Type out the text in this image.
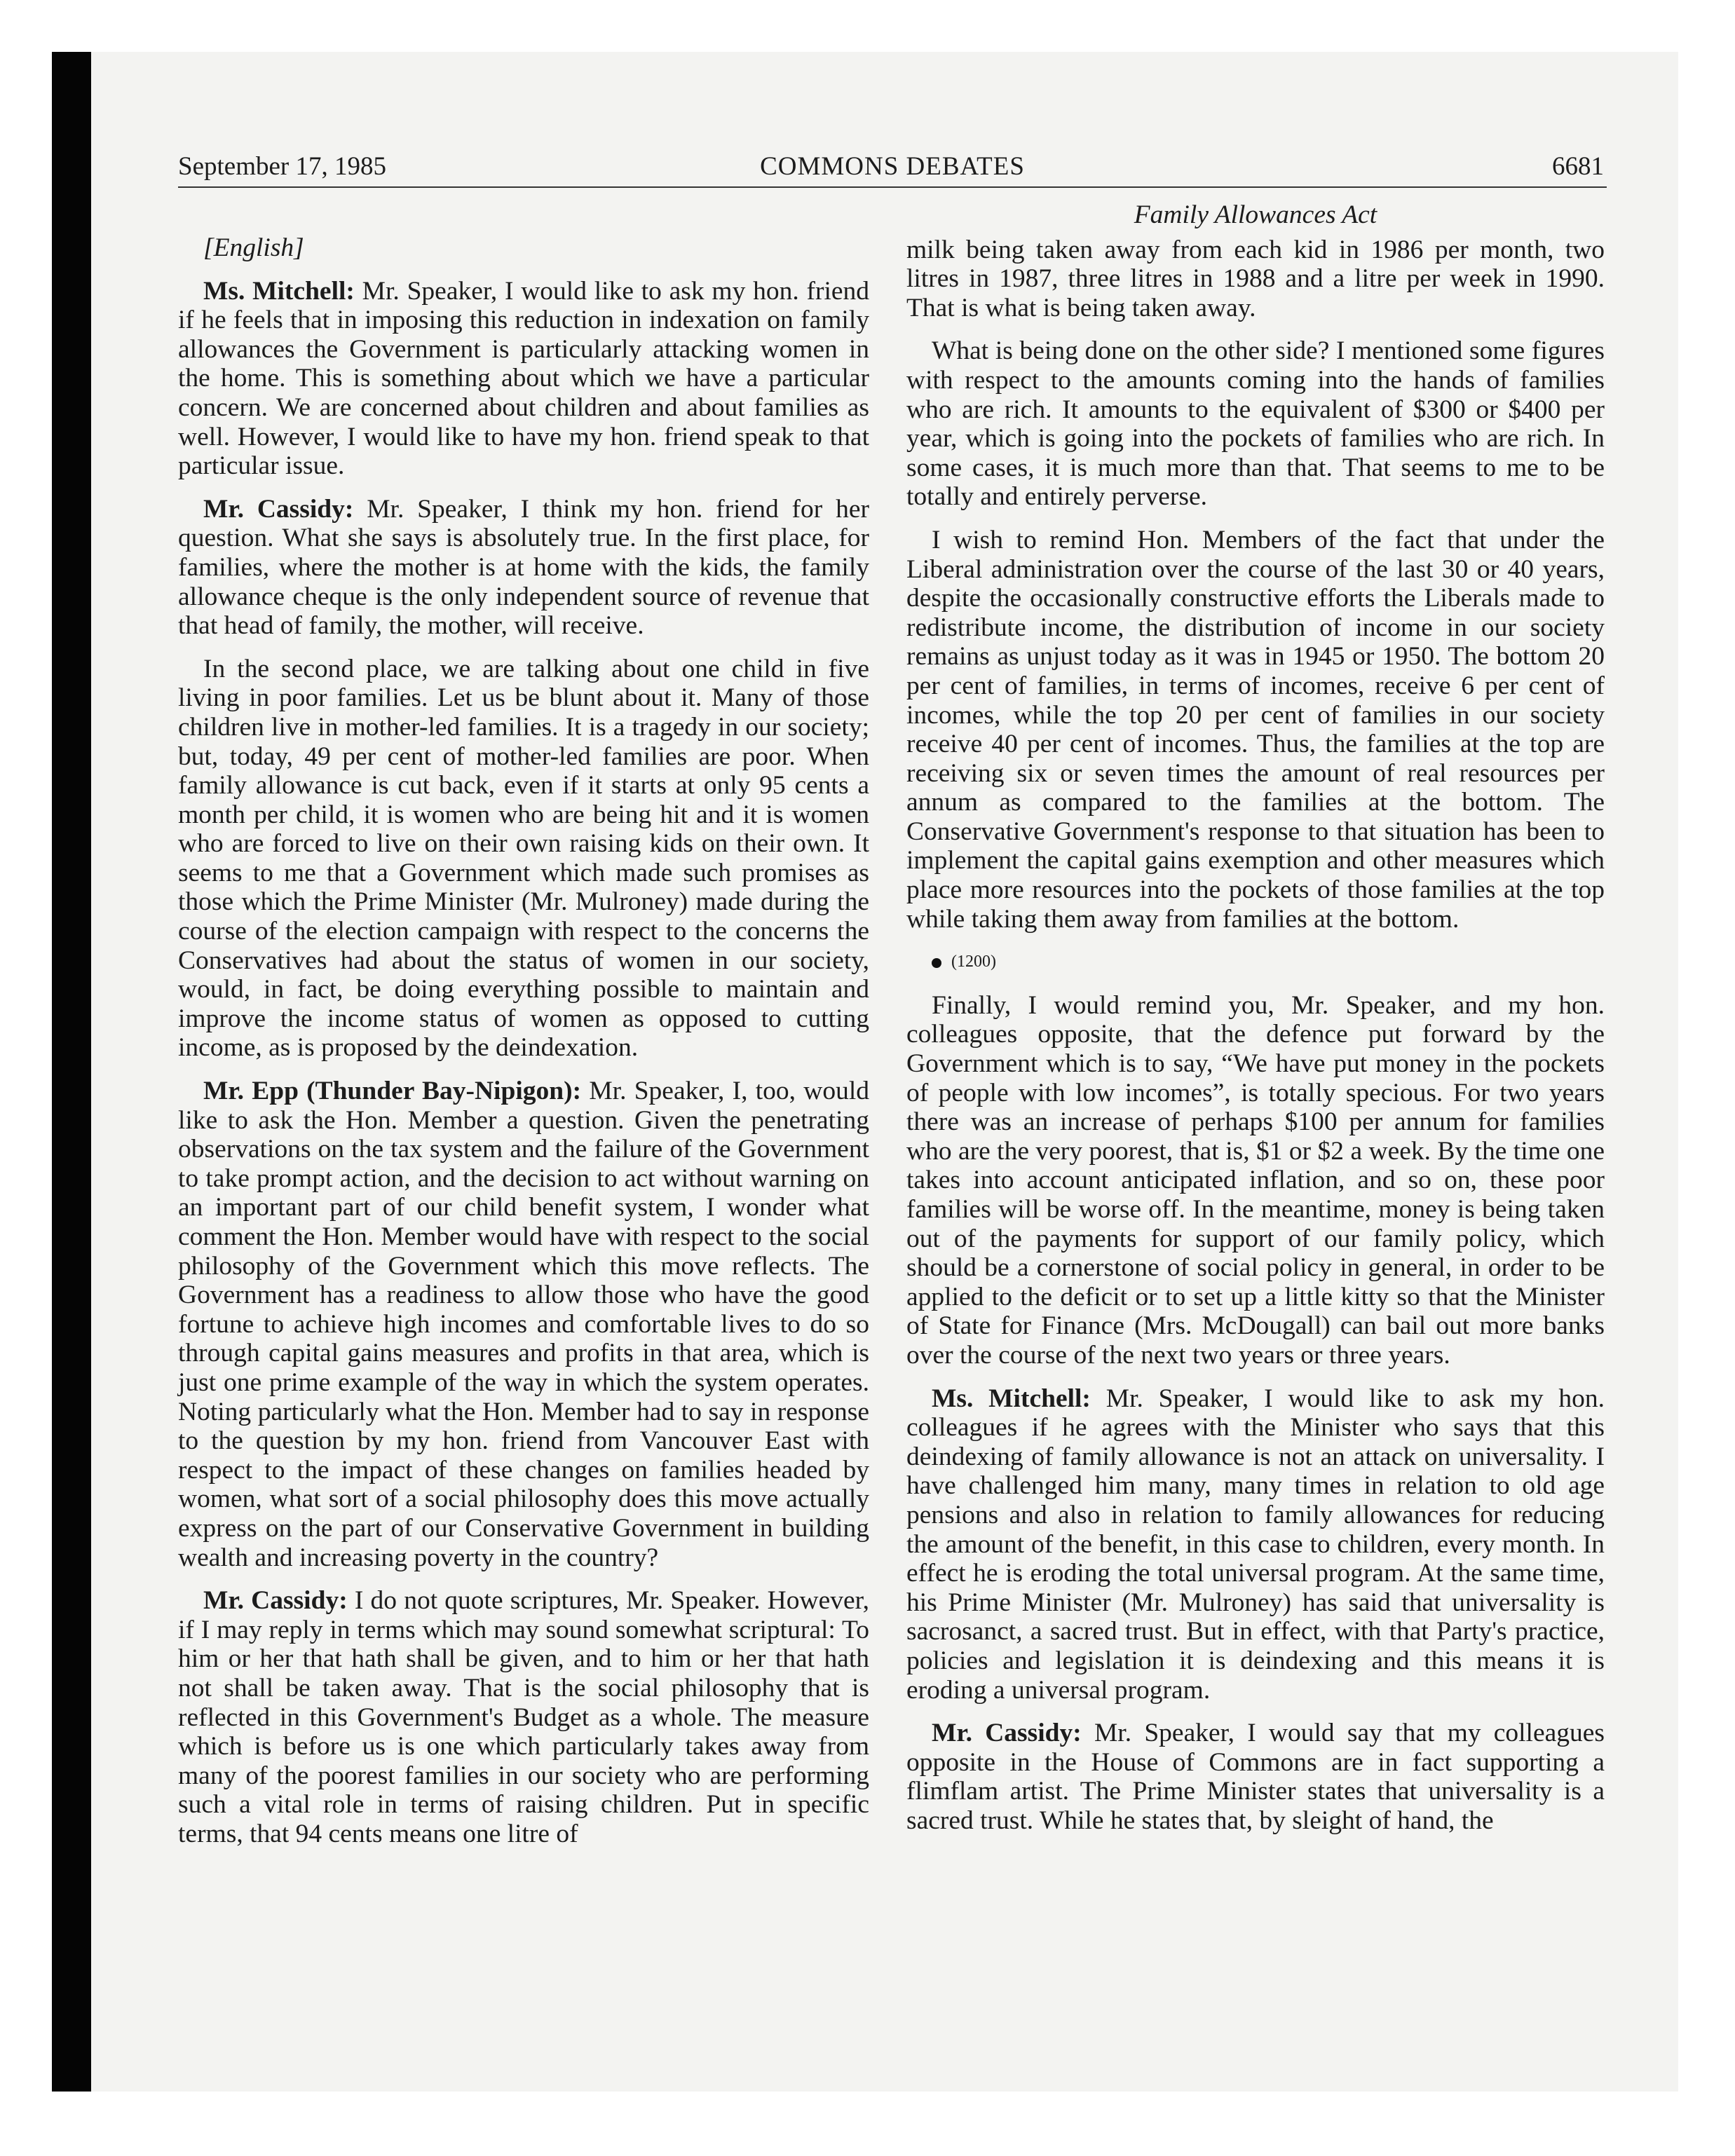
September 17, 1985	COMMONS DEBATES	6681

[English]

Ms. Mitchell: Mr. Speaker, I would like to ask my hon. friend if he feels that in imposing this reduction in indexation on family allowances the Government is particularly attacking women in the home. This is something about which we have a particular concern. We are concerned about children and about families as well. However, I would like to have my hon. friend speak to that particular issue.

Mr. Cassidy: Mr. Speaker, I think my hon. friend for her question. What she says is absolutely true. In the first place, for families, where the mother is at home with the kids, the family allowance cheque is the only independent source of revenue that that head of family, the mother, will receive.

In the second place, we are talking about one child in five living in poor families. Let us be blunt about it. Many of those children live in mother-led families. It is a tragedy in our society; but, today, 49 per cent of mother-led families are poor. When family allowance is cut back, even if it starts at only 95 cents a month per child, it is women who are being hit and it is women who are forced to live on their own raising kids on their own. It seems to me that a Government which made such promises as those which the Prime Minister (Mr. Mulroney) made during the course of the election campaign with respect to the concerns the Conservatives had about the status of women in our society, would, in fact, be doing everything possible to maintain and improve the income status of women as opposed to cutting income, as is proposed by the deindexation.

Mr. Epp (Thunder Bay-Nipigon): Mr. Speaker, I, too, would like to ask the Hon. Member a question. Given the penetrating observations on the tax system and the failure of the Government to take prompt action, and the decision to act without warning on an important part of our child benefit system, I wonder what comment the Hon. Member would have with respect to the social philosophy of the Government which this move reflects. The Government has a readiness to allow those who have the good fortune to achieve high incomes and comfortable lives to do so through capital gains measures and profits in that area, which is just one prime example of the way in which the system operates. Noting particularly what the Hon. Member had to say in response to the question by my hon. friend from Vancouver East with respect to the impact of these changes on families headed by women, what sort of a social philosophy does this move actually express on the part of our Conservative Government in building wealth and increasing poverty in the country?

Mr. Cassidy: I do not quote scriptures, Mr. Speaker. However, if I may reply in terms which may sound somewhat scriptural: To him or her that hath shall be given, and to him or her that hath not shall be taken away. That is the social philosophy that is reflected in this Government's Budget as a whole. The measure which is before us is one which particularly takes away from many of the poorest families in our society who are performing such a vital role in terms of raising children. Put in specific terms, that 94 cents means one litre of

Family Allowances Act

milk being taken away from each kid in 1986 per month, two litres in 1987, three litres in 1988 and a litre per week in 1990. That is what is being taken away.

What is being done on the other side? I mentioned some figures with respect to the amounts coming into the hands of families who are rich. It amounts to the equivalent of $300 or $400 per year, which is going into the pockets of families who are rich. In some cases, it is much more than that. That seems to me to be totally and entirely perverse.

I wish to remind Hon. Members of the fact that under the Liberal administration over the course of the last 30 or 40 years, despite the occasionally constructive efforts the Liberals made to redistribute income, the distribution of income in our society remains as unjust today as it was in 1945 or 1950. The bottom 20 per cent of families, in terms of incomes, receive 6 per cent of incomes, while the top 20 per cent of families in our society receive 40 per cent of incomes. Thus, the families at the top are receiving six or seven times the amount of real resources per annum as compared to the families at the bottom. The Conservative Government's response to that situation has been to implement the capital gains exemption and other measures which place more resources into the pockets of those families at the top while taking them away from families at the bottom.

(1200)

Finally, I would remind you, Mr. Speaker, and my hon. colleagues opposite, that the defence put forward by the Government which is to say, “We have put money in the pockets of people with low incomes”, is totally specious. For two years there was an increase of perhaps $100 per annum for families who are the very poorest, that is, $1 or $2 a week. By the time one takes into account anticipated inflation, and so on, these poor families will be worse off. In the meantime, money is being taken out of the payments for support of our family policy, which should be a cornerstone of social policy in general, in order to be applied to the deficit or to set up a little kitty so that the Minister of State for Finance (Mrs. McDougall) can bail out more banks over the course of the next two years or three years.

Ms. Mitchell: Mr. Speaker, I would like to ask my hon. colleagues if he agrees with the Minister who says that this deindexing of family allowance is not an attack on universality. I have challenged him many, many times in relation to old age pensions and also in relation to family allowances for reducing the amount of the benefit, in this case to children, every month. In effect he is eroding the total universal program. At the same time, his Prime Minister (Mr. Mulroney) has said that universality is sacrosanct, a sacred trust. But in effect, with that Party's practice, policies and legislation it is deindexing and this means it is eroding a universal program.

Mr. Cassidy: Mr. Speaker, I would say that my colleagues opposite in the House of Commons are in fact supporting a flimflam artist. The Prime Minister states that universality is a sacred trust. While he states that, by sleight of hand, the
